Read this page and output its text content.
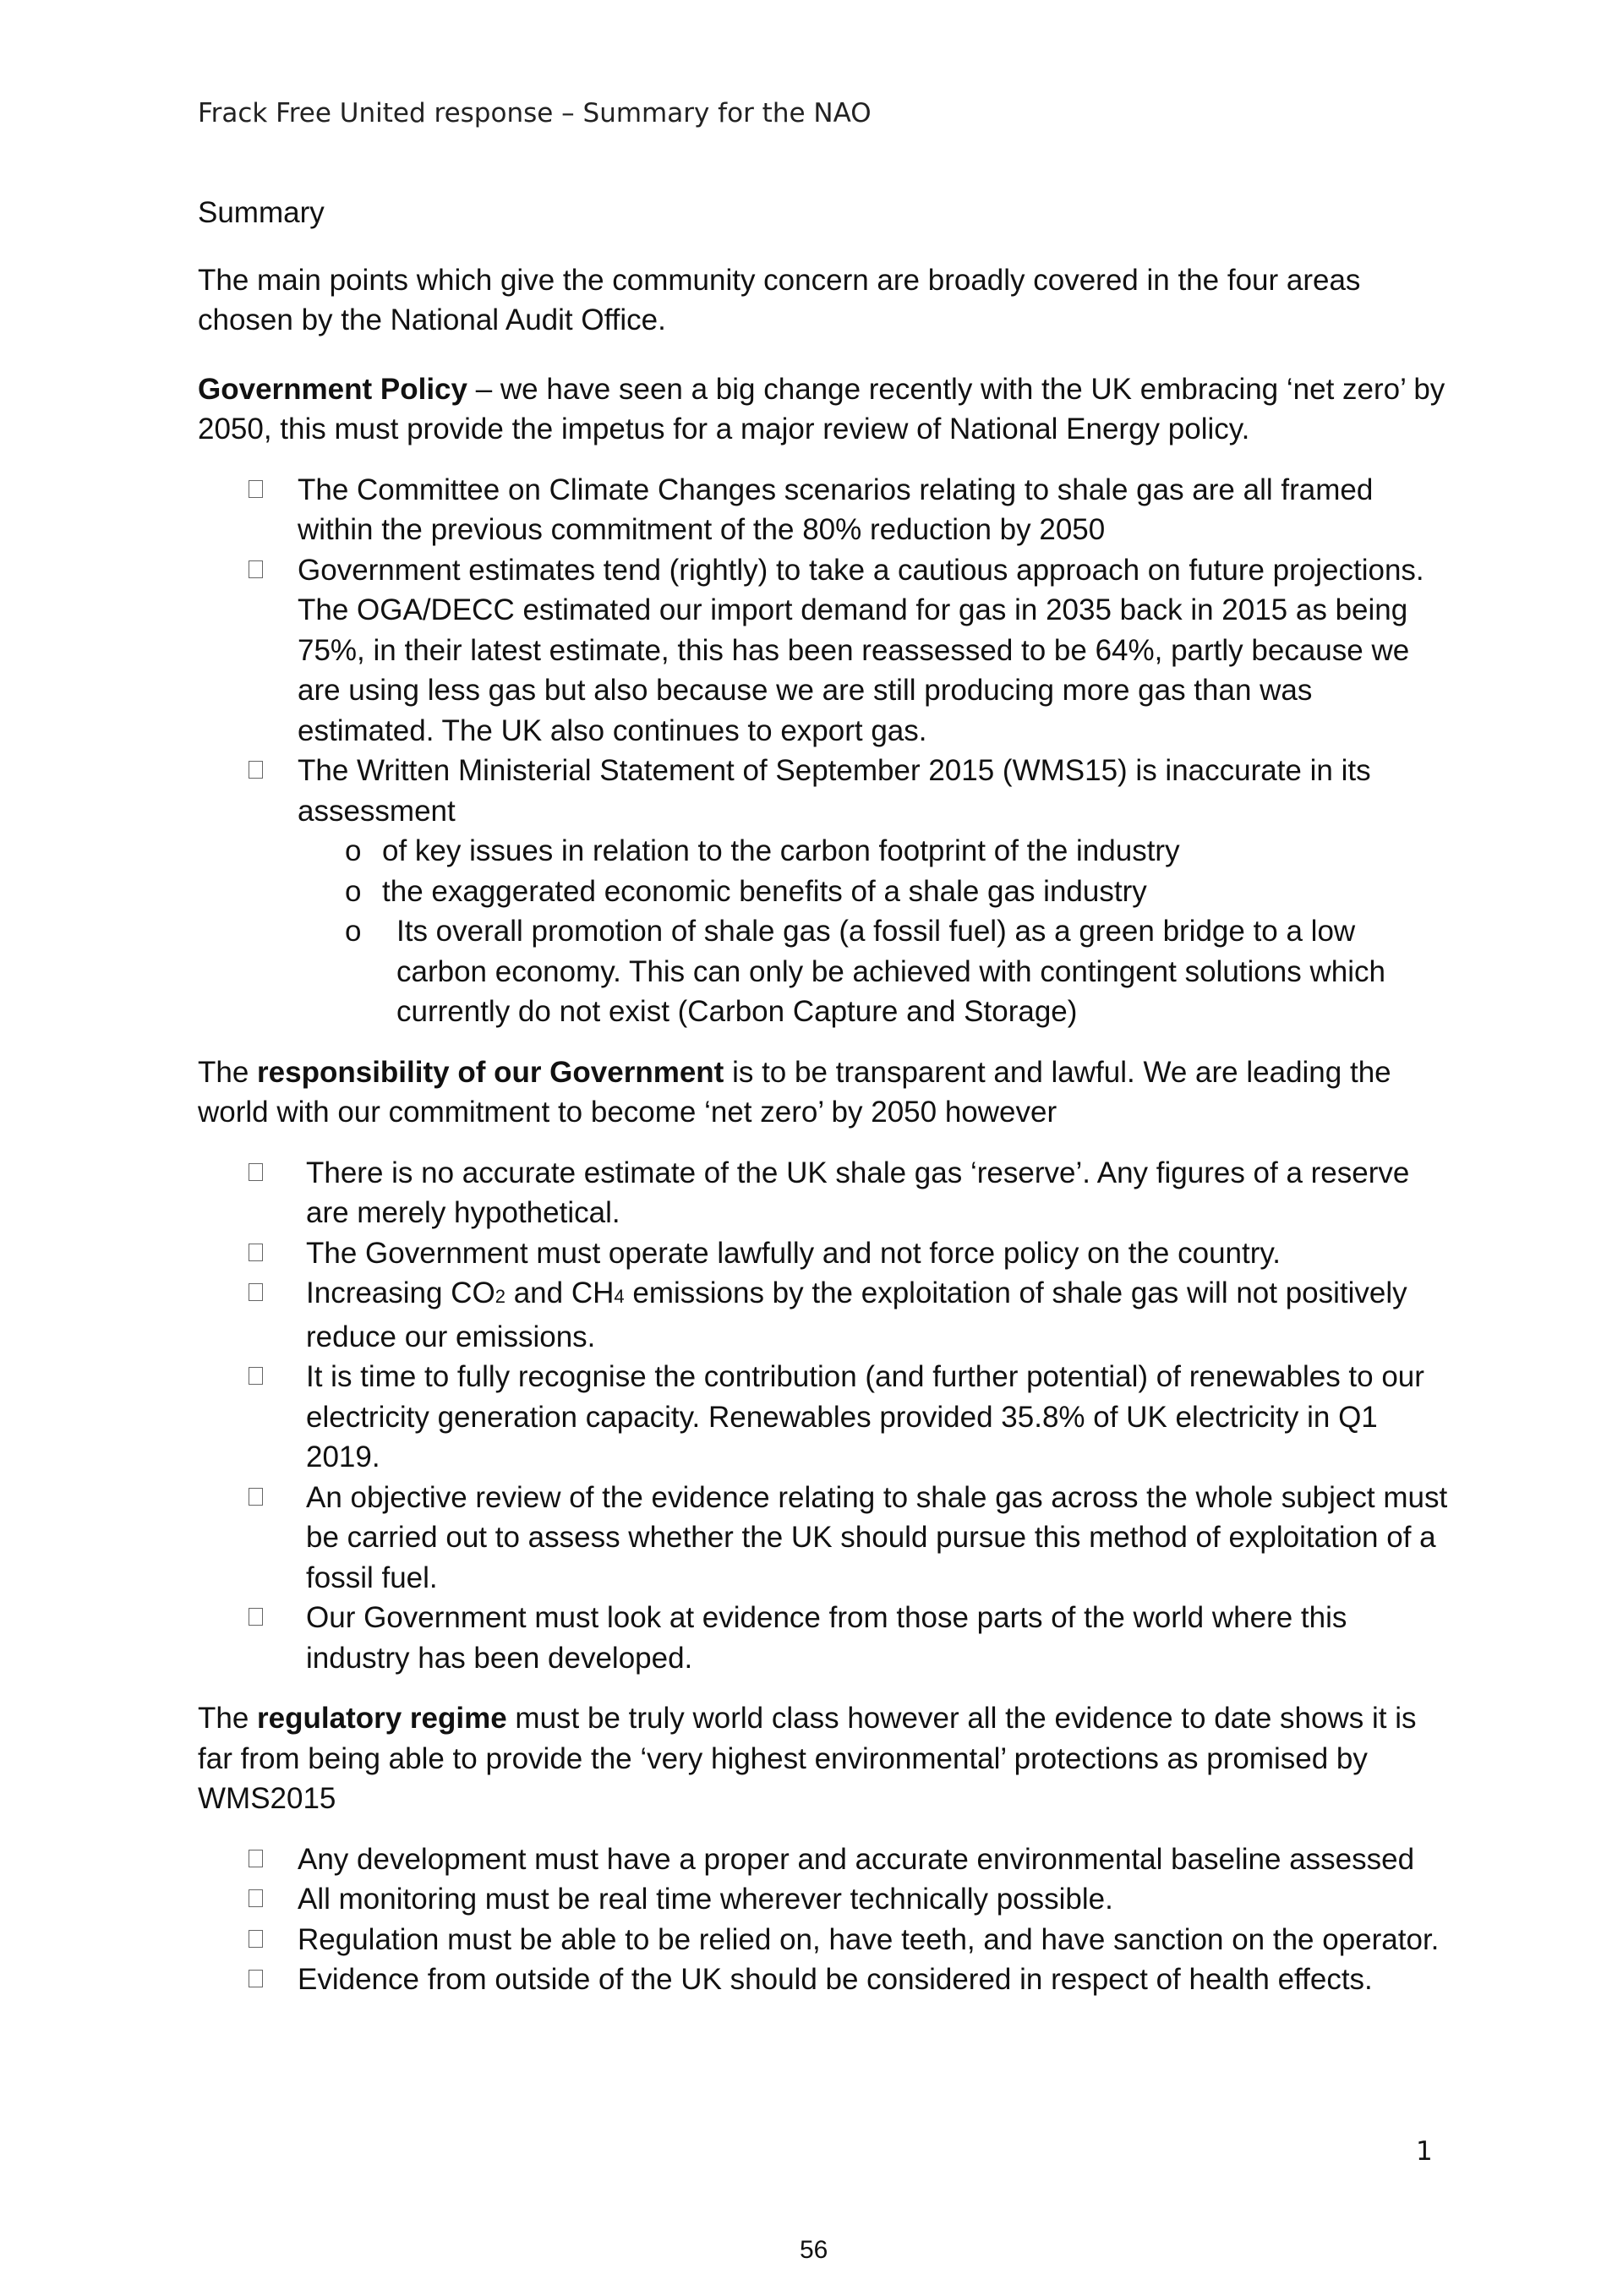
Frack Free United response – Summary for the NAO

Summary

The main points which give the community concern are broadly covered in the four areas chosen by the National Audit Office.

Government Policy – we have seen a big change recently with the UK embracing ‘net zero’ by 2050, this must provide the impetus for a major review of National Energy policy.

The Committee on Climate Changes scenarios relating to shale gas are all framed within the previous commitment of the 80% reduction by 2050
Government estimates tend (rightly) to take a cautious approach on future projections. The OGA/DECC estimated our import demand for gas in 2035 back in 2015 as being 75%, in their latest estimate, this has been reassessed to be 64%, partly because we are using less gas but also because we are still producing more gas than was estimated. The UK also continues to export gas.
The Written Ministerial Statement of September 2015 (WMS15) is inaccurate in its assessment
o of key issues in relation to the carbon footprint of the industry
o the exaggerated economic benefits of a shale gas industry
o Its overall promotion of shale gas (a fossil fuel) as a green bridge to a low carbon economy. This can only be achieved with contingent solutions which currently do not exist (Carbon Capture and Storage)

The responsibility of our Government is to be transparent and lawful. We are leading the world with our commitment to become ‘net zero’ by 2050 however

There is no accurate estimate of the UK shale gas ‘reserve’. Any figures of a reserve are merely hypothetical.
The Government must operate lawfully and not force policy on the country.
Increasing CO2 and CH4 emissions by the exploitation of shale gas will not positively reduce our emissions.
It is time to fully recognise the contribution (and further potential) of renewables to our electricity generation capacity. Renewables provided 35.8% of UK electricity in Q1 2019.
An objective review of the evidence relating to shale gas across the whole subject must be carried out to assess whether the UK should pursue this method of exploitation of a fossil fuel.
Our Government must look at evidence from those parts of the world where this industry has been developed.

The regulatory regime must be truly world class however all the evidence to date shows it is far from being able to provide the ‘very highest environmental’ protections as promised by WMS2015

Any development must have a proper and accurate environmental baseline assessed
All monitoring must be real time wherever technically possible.
Regulation must be able to be relied on, have teeth, and have sanction on the operator.
Evidence from outside of the UK should be considered in respect of health effects.
1
56
